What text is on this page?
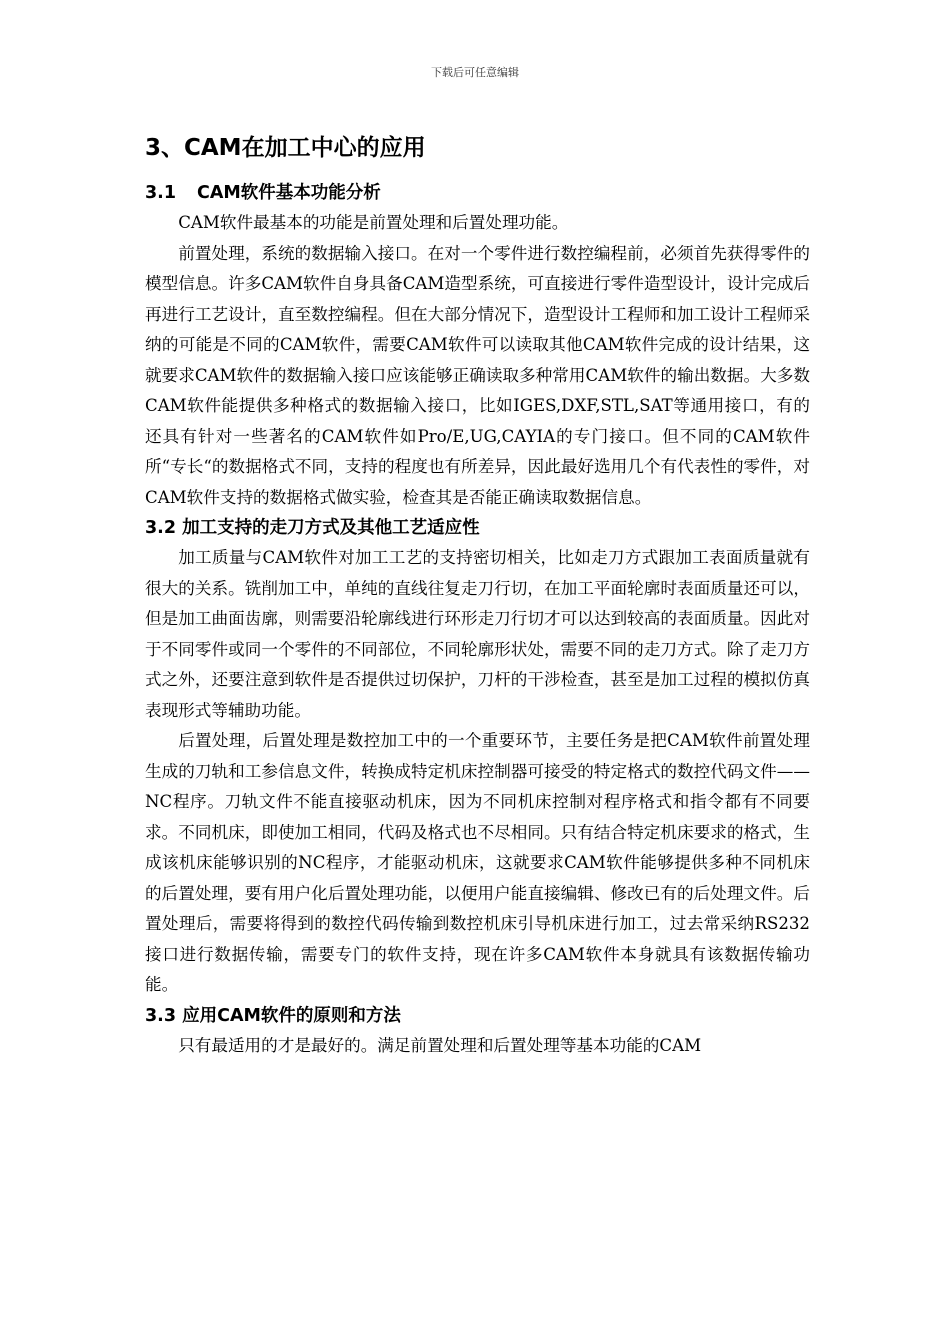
下载后可任意编辑
3、CAM在加工中心的应用
3.1 CAM软件基本功能分析

CAM软件最基本的功能是前置处理和后置处理功能。

前置处理，系统的数据输入接口。在对一个零件进行数控编程前，必须首先获得零件的模型信息。许多CAM软件自身具备CAM造型系统，可直接进行零件造型设计，设计完成后再进行工艺设计，直至数控编程。但在大部分情况下，造型设计工程师和加工设计工程师采纳的可能是不同的CAM软件，需要CAM软件可以读取其他CAM软件完成的设计结果，这就要求CAM软件的数据输入接口应该能够正确读取多种常用CAM软件的输出数据。大多数CAM软件能提供多种格式的数据输入接口，比如IGES,DXF,STL,SAT等通用接口，有的还具有针对一些著名的CAM软件如Pro/E,UG,CAYIA的专门接口。但不同的CAM软件所“专长“的数据格式不同，支持的程度也有所差异，因此最好选用几个有代表性的零件，对CAM软件支持的数据格式做实验，检查其是否能正确读取数据信息。

3.2 加工支持的走刀方式及其他工艺适应性

加工质量与CAM软件对加工工艺的支持密切相关，比如走刀方式跟加工表面质量就有很大的关系。铣削加工中，单纯的直线往复走刀行切，在加工平面轮廓时表面质量还可以，但是加工曲面齿廓，则需要沿轮廓线进行环形走刀行切才可以达到较高的表面质量。因此对于不同零件或同一个零件的不同部位，不同轮廓形状处，需要不同的走刀方式。除了走刀方式之外，还要注意到软件是否提供过切保护，刀杆的干涉检查，甚至是加工过程的模拟仿真表现形式等辅助功能。

后置处理，后置处理是数控加工中的一个重要环节，主要任务是把CAM软件前置处理生成的刀轨和工参信息文件，转换成特定机床控制器可接受的特定格式的数控代码文件——NC程序。刀轨文件不能直接驱动机床，因为不同机床控制对程序格式和指令都有不同要求。不同机床，即使加工相同，代码及格式也不尽相同。只有结合特定机床要求的格式，生成该机床能够识别的NC程序，才能驱动机床，这就要求CAM软件能够提供多种不同机床的后置处理，要有用户化后置处理功能，以便用户能直接编辑、修改已有的后处理文件。后置处理后，需要将得到的数控代码传输到数控机床引导机床进行加工，过去常采纳RS232接口进行数据传输，需要专门的软件支持，现在许多CAM软件本身就具有该数据传输功能。

3.3 应用CAM软件的原则和方法

只有最适用的才是最好的。满足前置处理和后置处理等基本功能的CAM
